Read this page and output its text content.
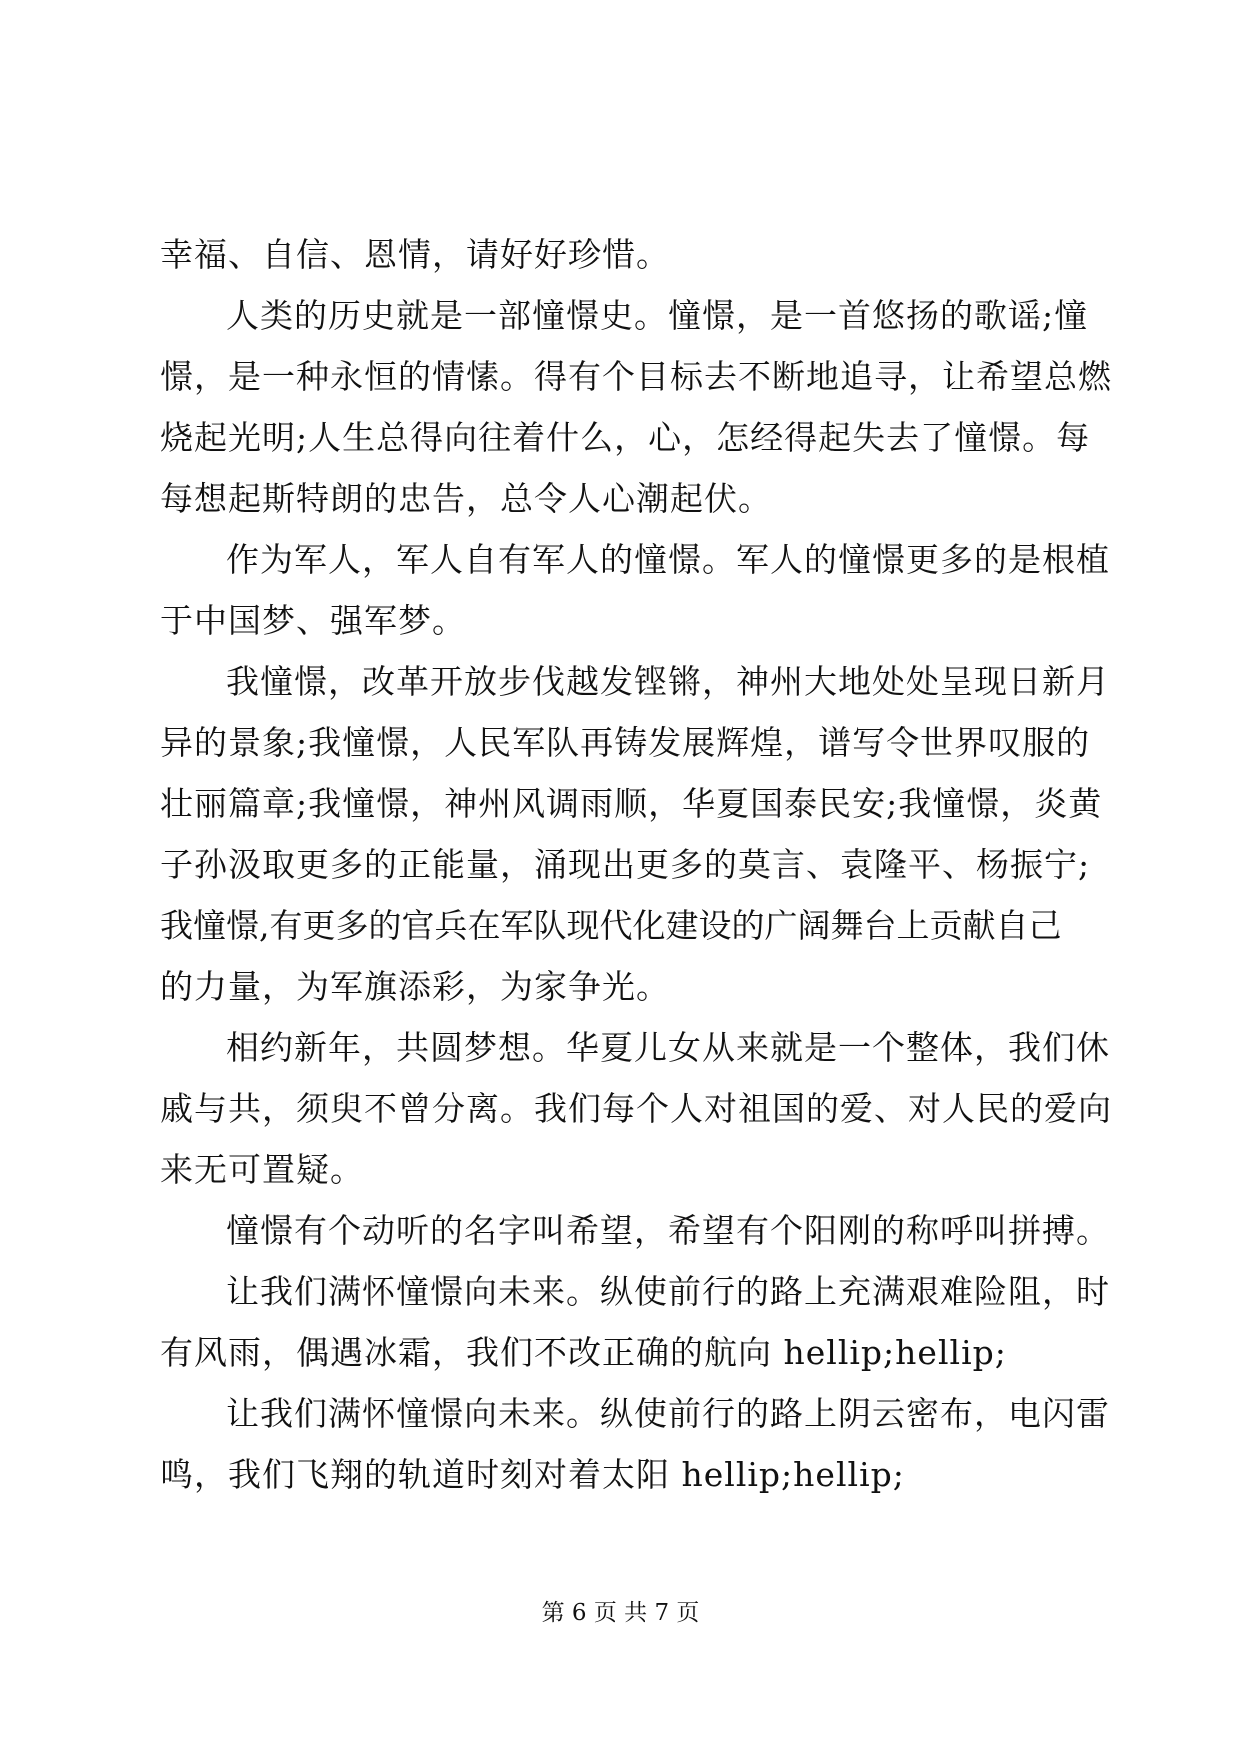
幸福、自信、恩情，请好好珍惜。
人类的历史就是一部憧憬史。憧憬，是一首悠扬的歌谣;憧
憬，是一种永恒的情愫。得有个目标去不断地追寻，让希望总燃
烧起光明;人生总得向往着什么，心，怎经得起失去了憧憬。每
每想起斯特朗的忠告，总令人心潮起伏。
作为军人，军人自有军人的憧憬。军人的憧憬更多的是根植
于中国梦、强军梦。
我憧憬，改革开放步伐越发铿锵，神州大地处处呈现日新月
异的景象;我憧憬，人民军队再铸发展辉煌，谱写令世界叹服的
壮丽篇章;我憧憬，神州风调雨顺，华夏国泰民安;我憧憬，炎黄
子孙汲取更多的正能量，涌现出更多的莫言、袁隆平、杨振宁;
我憧憬,有更多的官兵在军队现代化建设的广阔舞台上贡献自己
的力量，为军旗添彩，为家争光。
相约新年，共圆梦想。华夏儿女从来就是一个整体，我们休
戚与共，须臾不曾分离。我们每个人对祖国的爱、对人民的爱向
来无可置疑。
憧憬有个动听的名字叫希望，希望有个阳刚的称呼叫拼搏。
让我们满怀憧憬向未来。纵使前行的路上充满艰难险阻，时
有风雨，偶遇冰霜，我们不改正确的航向 hellip;hellip;
让我们满怀憧憬向未来。纵使前行的路上阴云密布，电闪雷
鸣，我们飞翔的轨道时刻对着太阳 hellip;hellip;
第 6 页 共 7 页
